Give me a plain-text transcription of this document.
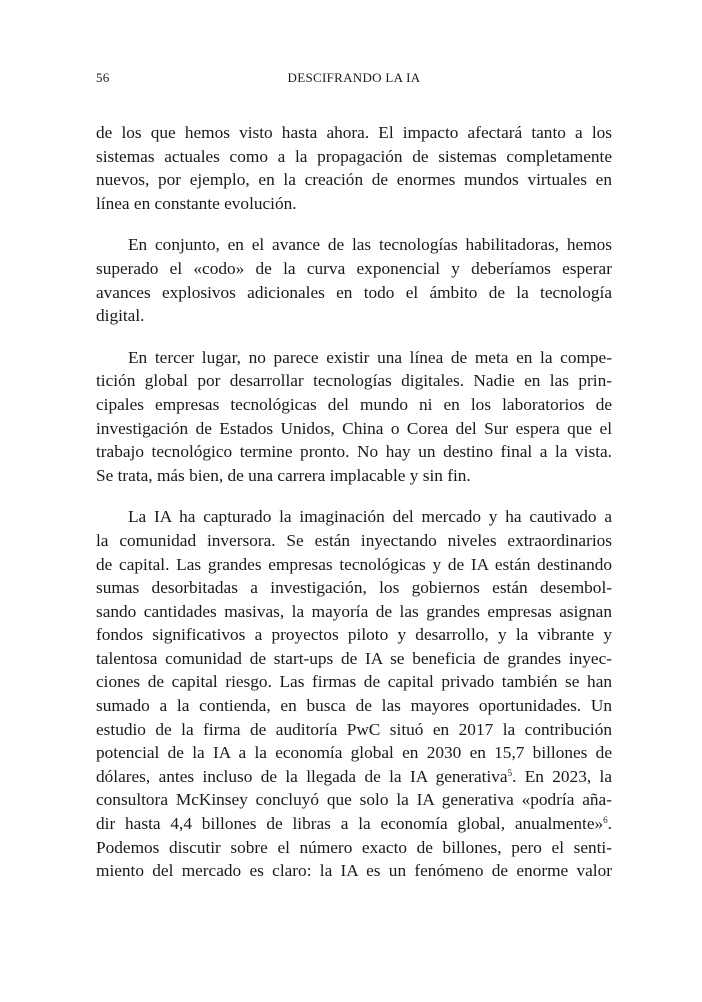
56	DESCIFRANDO LA IA

de los que hemos visto hasta ahora. El impacto afectará tanto a los
sistemas actuales como a la propagación de sistemas completamente
nuevos, por ejemplo, en la creación de enormes mundos virtuales en
línea en constante evolución.

En conjunto, en el avance de las tecnologías habilitadoras, hemos
superado el «codo» de la curva exponencial y deberíamos esperar
avances explosivos adicionales en todo el ámbito de la tecnología
digital.

En tercer lugar, no parece existir una línea de meta en la compe-
tición global por desarrollar tecnologías digitales. Nadie en las prin-
cipales empresas tecnológicas del mundo ni en los laboratorios de
investigación de Estados Unidos, China o Corea del Sur espera que el
trabajo tecnológico termine pronto. No hay un destino final a la vista.
Se trata, más bien, de una carrera implacable y sin fin.

La IA ha capturado la imaginación del mercado y ha cautivado a
la comunidad inversora. Se están inyectando niveles extraordinarios
de capital. Las grandes empresas tecnológicas y de IA están destinando
sumas desorbitadas a investigación, los gobiernos están desembol-
sando cantidades masivas, la mayoría de las grandes empresas asignan
fondos significativos a proyectos piloto y desarrollo, y la vibrante y
talentosa comunidad de start-ups de IA se beneficia de grandes inyec-
ciones de capital riesgo. Las firmas de capital privado también se han
sumado a la contienda, en busca de las mayores oportunidades. Un
estudio de la firma de auditoría PwC situó en 2017 la contribución
potencial de la IA a la economía global en 2030 en 15,7 billones de
dólares, antes incluso de la llegada de la IA generativa$^5$. En 2023, la
consultora McKinsey concluyó que solo la IA generativa «podría aña-
dir hasta 4,4 billones de libras a la economía global, anualmente»$^6$.
Podemos discutir sobre el número exacto de billones, pero el senti-
miento del mercado es claro: la IA es un fenómeno de enorme valor
